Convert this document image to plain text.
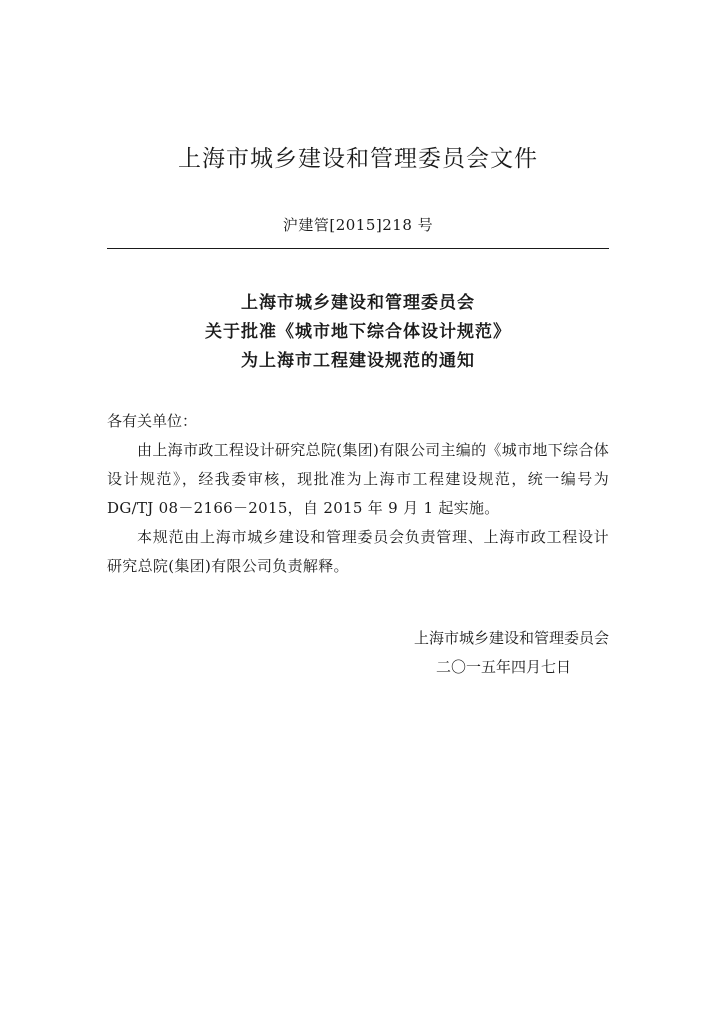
上海市城乡建设和管理委员会文件
沪建管[2015]218 号
上海市城乡建设和管理委员会
关于批准《城市地下综合体设计规范》
为上海市工程建设规范的通知
各有关单位：
由上海市政工程设计研究总院(集团)有限公司主编的《城市地下综合体设计规范》，经我委审核，现批准为上海市工程建设规范，统一编号为 DG/TJ 08－2166－2015，自 2015 年 9 月 1 起实施。
本规范由上海市城乡建设和管理委员会负责管理、上海市政工程设计研究总院(集团)有限公司负责解释。
上海市城乡建设和管理委员会
二〇一五年四月七日
